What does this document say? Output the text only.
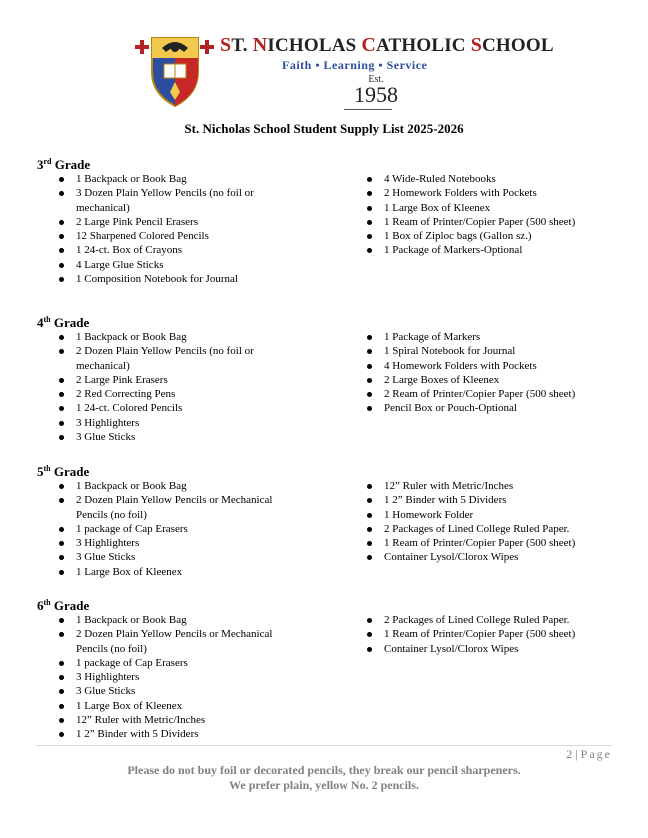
ST. NICHOLAS CATHOLIC SCHOOL
Faith • Learning • Service
Est.
1958
St. Nicholas School Student Supply List 2025-2026
3rd Grade
1 Backpack or Book Bag
3 Dozen Plain Yellow Pencils (no foil or mechanical)
2 Large Pink Pencil Erasers
12 Sharpened Colored Pencils
1 24-ct. Box of Crayons
4 Large Glue Sticks
1 Composition Notebook for Journal
4 Wide-Ruled Notebooks
2 Homework Folders with Pockets
1 Large Box of Kleenex
1 Ream of Printer/Copier Paper (500 sheet)
1 Box of Ziploc bags (Gallon sz.)
1 Package of Markers-Optional
4th Grade
1 Backpack or Book Bag
2 Dozen Plain Yellow Pencils (no foil or mechanical)
2 Large Pink Erasers
2 Red Correcting Pens
1 24-ct. Colored Pencils
3 Highlighters
3 Glue Sticks
1 Package of Markers
1 Spiral Notebook for Journal
4 Homework Folders with Pockets
2 Large Boxes of Kleenex
2 Ream of Printer/Copier Paper (500 sheet)
Pencil Box or Pouch-Optional
5th Grade
1 Backpack or Book Bag
2 Dozen Plain Yellow Pencils or Mechanical Pencils (no foil)
1 package of Cap Erasers
3 Highlighters
3 Glue Sticks
1 Large Box of Kleenex
12” Ruler with Metric/Inches
1 2” Binder with 5 Dividers
1 Homework Folder
2 Packages of Lined College Ruled Paper.
1 Ream of Printer/Copier Paper (500 sheet)
Container Lysol/Clorox Wipes
6th Grade
1 Backpack or Book Bag
2 Dozen Plain Yellow Pencils or Mechanical Pencils (no foil)
1 package of Cap Erasers
3 Highlighters
3 Glue Sticks
1 Large Box of Kleenex
12” Ruler with Metric/Inches
1 2” Binder with 5 Dividers
2 Packages of Lined College Ruled Paper.
1 Ream of Printer/Copier Paper (500 sheet)
Container Lysol/Clorox Wipes
2 | Page
Please do not buy foil or decorated pencils, they break our pencil sharpeners.
We prefer plain, yellow No. 2 pencils.
